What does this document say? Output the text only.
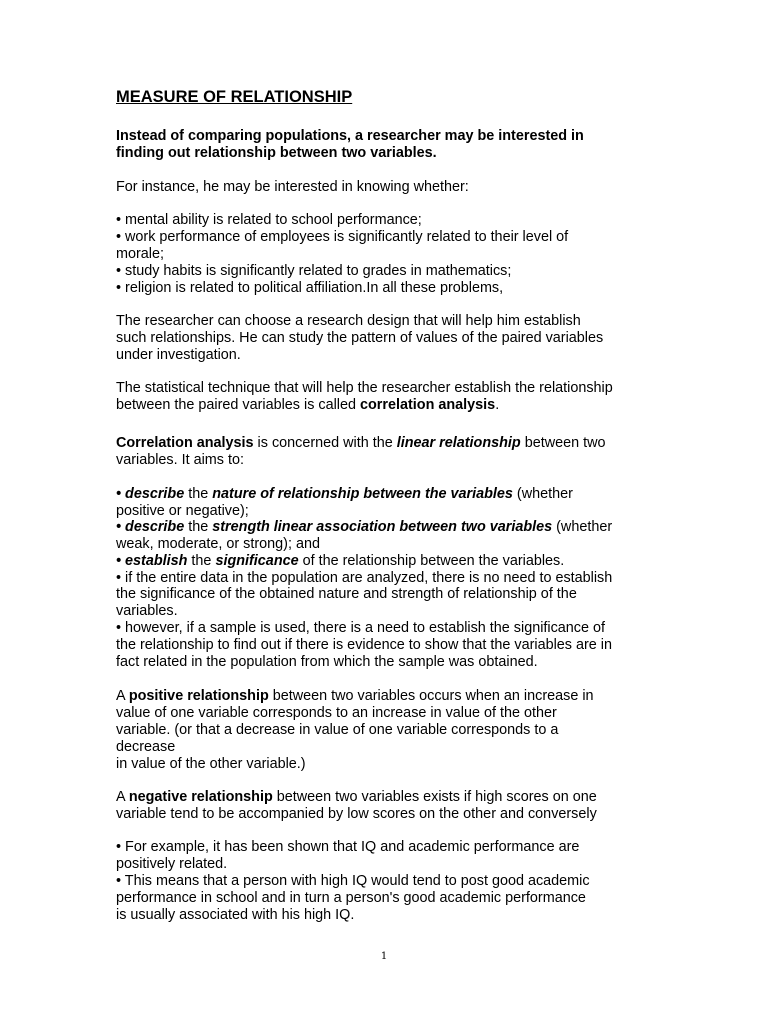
MEASURE OF RELATIONSHIP
Instead of comparing populations, a researcher may be interested in
finding out relationship between two variables.
For instance, he may be interested in knowing whether:
• mental ability is related to school performance;
• work performance of employees is significantly related to their level of
morale;
• study habits is significantly related to grades in mathematics;
• religion is related to political affiliation.In all these problems,
The researcher can choose a research design that will help him establish
such relationships. He can study the pattern of values of the paired variables
under investigation.
The statistical technique that will help the researcher establish the relationship
between the paired variables is called correlation analysis.
Correlation analysis is concerned with the linear relationship between two
variables. It aims to:
• describe the nature of relationship between the variables (whether
positive or negative);
• describe the strength linear association between two variables (whether
weak, moderate, or strong); and
• establish the significance of the relationship between the variables.
• if the entire data in the population are analyzed, there is no need to establish
the significance of the obtained nature and strength of relationship of the
variables.
• however, if a sample is used, there is a need to establish the significance of
the relationship to find out if there is evidence to show that the variables are in
fact related in the population from which the sample was obtained.
A positive relationship between two variables occurs when an increase in
value of one variable corresponds to an increase in value of the other
variable. (or that a decrease in value of one variable corresponds to a
decrease
in value of the other variable.)
A negative relationship between two variables exists if high scores on one
variable tend to be accompanied by low scores on the other and conversely
• For example, it has been shown that IQ and academic performance are
positively related.
• This means that a person with high IQ would tend to post good academic
performance in school and in turn a person's good academic performance
is usually associated with his high IQ.
1
